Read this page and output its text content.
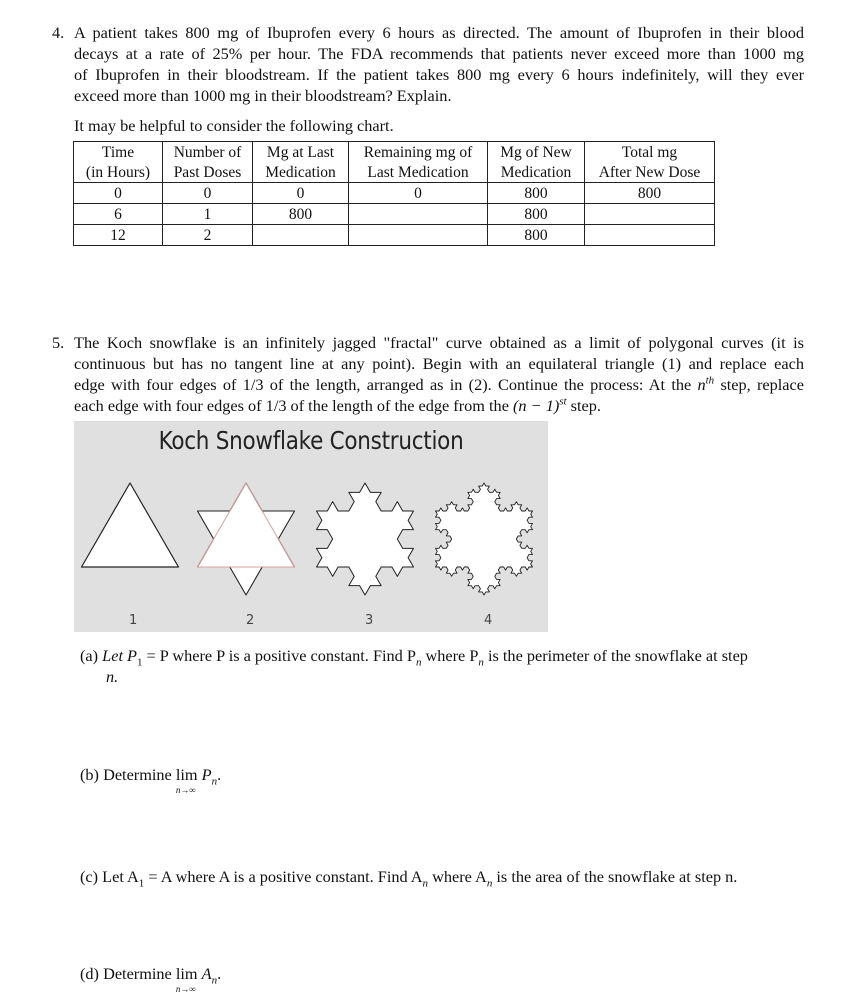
4. A patient takes 800 mg of Ibuprofen every 6 hours as directed. The amount of Ibuprofen in their blood
decays at a rate of 25% per hour. The FDA recommends that patients never exceed more than 1000 mg
of Ibuprofen in their bloodstream. If the patient takes 800 mg every 6 hours indefinitely, will they ever
exceed more than 1000 mg in their bloodstream? Explain.
It may be helpful to consider the following chart.
Time	Number of	Mg at Last	Remaining mg of	Mg of New	Total mg
(in Hours)	Past Doses	Medication	Last Medication	Medication	After New Dose
0	0	0	0	800	800
6	1	800		800	
12	2			800	
5. The Koch snowflake is an infinitely jagged "fractal" curve obtained as a limit of polygonal curves (it is
continuous but has no tangent line at any point). Begin with an equilateral triangle (1) and replace each
edge with four edges of 1/3 of the length, arranged as in (2). Continue the process: At the $n^{th}$ step, replace
each edge with four edges of 1/3 of the length of the edge from the $(n - 1)^{st}$ step.
Koch Snowflake Construction
1	2	3	4
(a) Let $P_1 = P$ where P is a positive constant. Find $P_n$ where $P_n$ is the perimeter of the snowflake at step
n.
(b) Determine lim
n→∞
$P_n$.
(c) Let $A_1 = A$ where A is a positive constant. Find $A_n$ where $A_n$ is the area of the snowflake at step n.
(d) Determine lim
n→∞
$A_n$.
